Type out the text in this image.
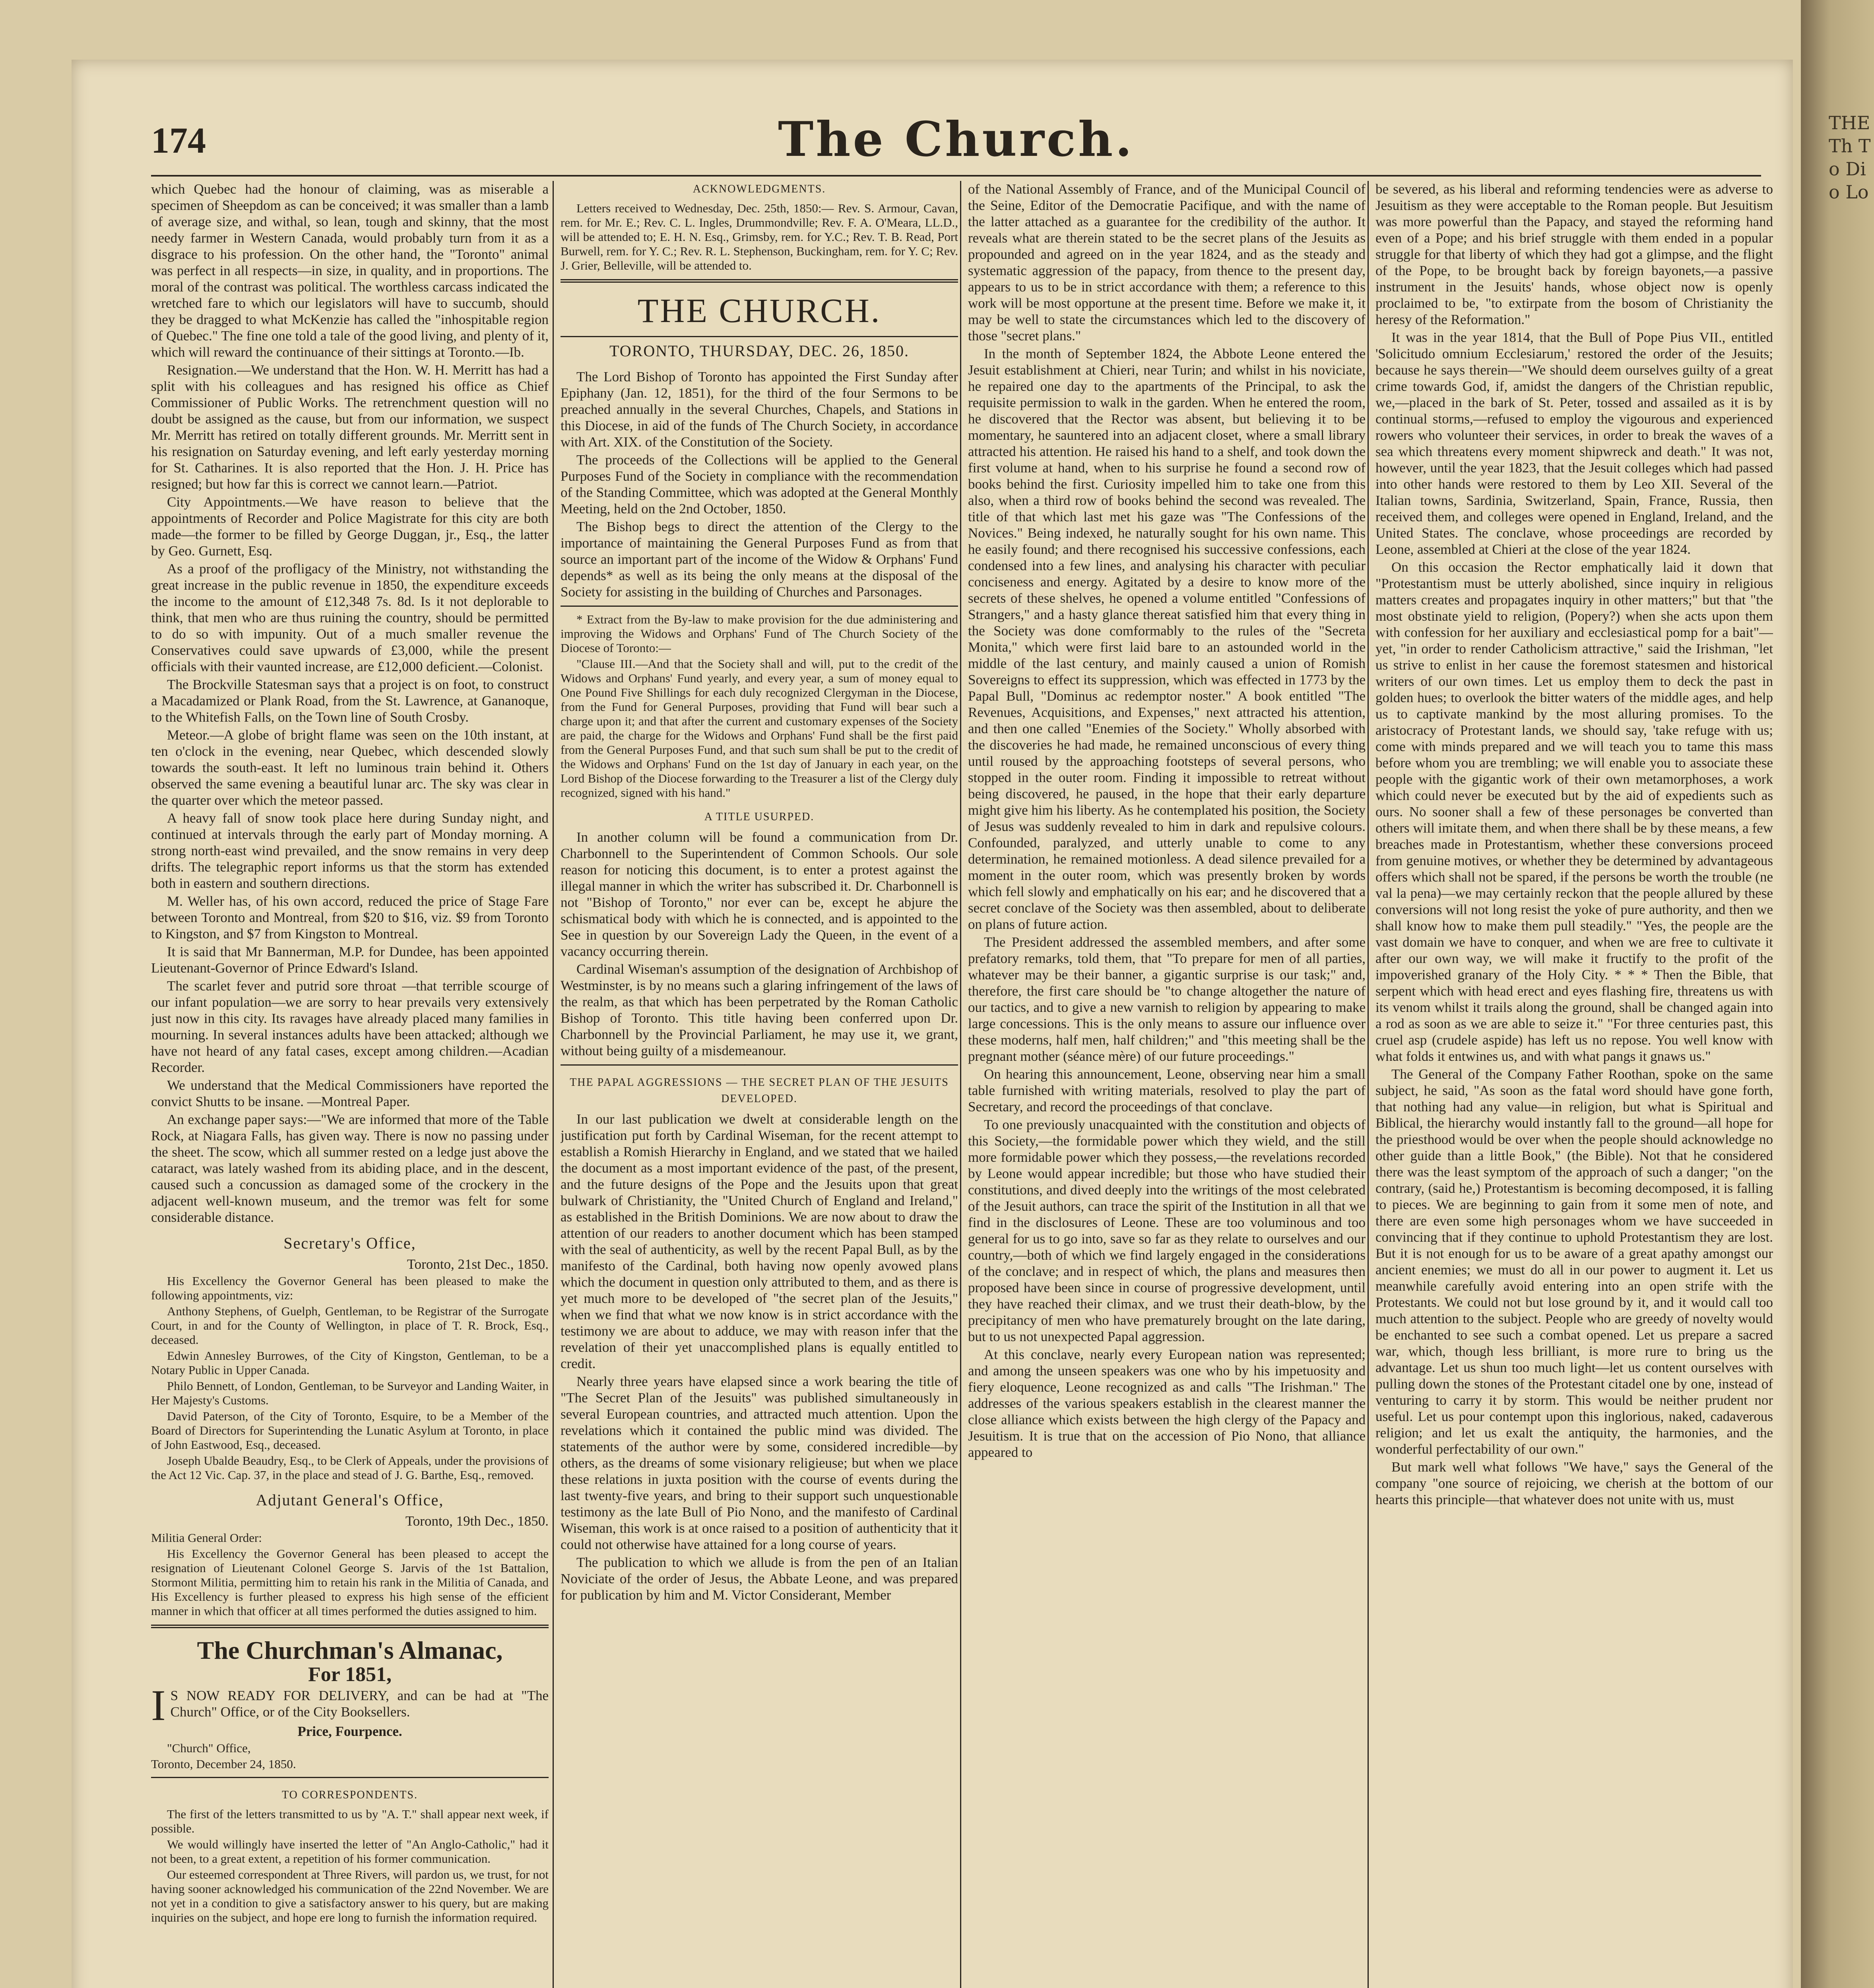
THE Th To Dio Lo
174	The Church.

which Quebec had the honour of claiming, was as miserable a specimen of Sheepdom as can be conceived; it was smaller than a lamb of average size, and withal, so lean, tough and skinny, that the most needy farmer in Western Canada, would probably turn from it as a disgrace to his profession. On the other hand, the "Toronto" animal was perfect in all respects—in size, in quality, and in proportions. The moral of the contrast was political. The worthless carcass indicated the wretched fare to which our legislators will have to succumb, should they be dragged to what McKenzie has called the "inhospitable region of Quebec." The fine one told a tale of the good living, and plenty of it, which will reward the continuance of their sittings at Toronto.—Ib.

Resignation.—We understand that the Hon. W. H. Merritt has had a split with his colleagues and has resigned his office as Chief Commissioner of Public Works. The retrenchment question will no doubt be assigned as the cause, but from our information, we suspect Mr. Merritt has retired on totally different grounds. Mr. Merritt sent in his resignation on Saturday evening, and left early yesterday morning for St. Catharines. It is also reported that the Hon. J. H. Price has resigned; but how far this is correct we cannot learn.—Patriot.

City Appointments.—We have reason to believe that the appointments of Recorder and Police Magistrate for this city are both made—the former to be filled by George Duggan, jr., Esq., the latter by Geo. Gurnett, Esq.

As a proof of the profligacy of the Ministry, not withstanding the great increase in the public revenue in 1850, the expenditure exceeds the income to the amount of £12,348 7s. 8d. Is it not deplorable to think, that men who are thus ruining the country, should be permitted to do so with impunity. Out of a much smaller revenue the Conservatives could save upwards of £3,000, while the present officials with their vaunted increase, are £12,000 deficient.—Colonist.

The Brockville Statesman says that a project is on foot, to construct a Macadamized or Plank Road, from the St. Lawrence, at Gananoque, to the Whitefish Falls, on the Town line of South Crosby.

Meteor.—A globe of bright flame was seen on the 10th instant, at ten o'clock in the evening, near Quebec, which descended slowly towards the south-east. It left no luminous train behind it. Others observed the same evening a beautiful lunar arc. The sky was clear in the quarter over which the meteor passed.

A heavy fall of snow took place here during Sunday night, and continued at intervals through the early part of Monday morning. A strong north-east wind prevailed, and the snow remains in very deep drifts. The telegraphic report informs us that the storm has extended both in eastern and southern directions.

M. Weller has, of his own accord, reduced the price of Stage Fare between Toronto and Montreal, from $20 to $16, viz. $9 from Toronto to Kingston, and $7 from Kingston to Montreal.

It is said that Mr Bannerman, M.P. for Dundee, has been appointed Lieutenant-Governor of Prince Edward's Island.

The scarlet fever and putrid sore throat —that terrible scourge of our infant population—we are sorry to hear prevails very extensively just now in this city. Its ravages have already placed many families in mourning. In several instances adults have been attacked; although we have not heard of any fatal cases, except among children.—Acadian Recorder.

We understand that the Medical Commissioners have reported the convict Shutts to be insane. —Montreal Paper.

An exchange paper says:—"We are informed that more of the Table Rock, at Niagara Falls, has given way. There is now no passing under the sheet. The scow, which all summer rested on a ledge just above the cataract, was lately washed from its abiding place, and in the descent, caused such a concussion as damaged some of the crockery in the adjacent well-known museum, and the tremor was felt for some considerable distance.

Secretary's Office,

Toronto, 21st Dec., 1850.

His Excellency the Governor General has been pleased to make the following appointments, viz:

Anthony Stephens, of Guelph, Gentleman, to be Registrar of the Surrogate Court, in and for the County of Wellington, in place of T. R. Brock, Esq., deceased.

Edwin Annesley Burrowes, of the City of Kingston, Gentleman, to be a Notary Public in Upper Canada.

Philo Bennett, of London, Gentleman, to be Surveyor and Landing Waiter, in Her Majesty's Customs.

David Paterson, of the City of Toronto, Esquire, to be a Member of the Board of Directors for Superintending the Lunatic Asylum at Toronto, in place of John Eastwood, Esq., deceased.

Joseph Ubalde Beaudry, Esq., to be Clerk of Appeals, under the provisions of the Act 12 Vic. Cap. 37, in the place and stead of J. G. Barthe, Esq., removed.

Adjutant General's Office,

Toronto, 19th Dec., 1850.

Militia General Order:

His Excellency the Governor General has been pleased to accept the resignation of Lieutenant Colonel George S. Jarvis of the 1st Battalion, Stormont Militia, permitting him to retain his rank in the Militia of Canada, and His Excellency is further pleased to express his high sense of the efficient manner in which that officer at all times performed the duties assigned to him.

The Churchman's Almanac,
For 1851,

I S NOW READY FOR DELIVERY, and can be had at "The Church" Office, or of the City Booksellers.

Price, Fourpence.

"Church" Office,

Toronto, December 24, 1850.

TO CORRESPONDENTS.

The first of the letters transmitted to us by "A. T." shall appear next week, if possible.

We would willingly have inserted the letter of "An Anglo-Catholic," had it not been, to a great extent, a repetition of his former communication.

Our esteemed correspondent at Three Rivers, will pardon us, we trust, for not having sooner acknowledged his communication of the 22nd November. We are not yet in a condition to give a satisfactory answer to his query, but are making inquiries on the subject, and hope ere long to furnish the information required.

ACKNOWLEDGMENTS.

Letters received to Wednesday, Dec. 25th, 1850:— Rev. S. Armour, Cavan, rem. for Mr. E.; Rev. C. L. Ingles, Drummondville; Rev. F. A. O'Meara, LL.D., will be attended to; E. H. N. Esq., Grimsby, rem. for Y.C.; Rev. T. B. Read, Port Burwell, rem. for Y. C.; Rev. R. L. Stephenson, Buckingham, rem. for Y. C; Rev. J. Grier, Belleville, will be attended to.

THE CHURCH.
TORONTO, THURSDAY, DEC. 26, 1850.

The Lord Bishop of Toronto has appointed the First Sunday after Epiphany (Jan. 12, 1851), for the third of the four Sermons to be preached annually in the several Churches, Chapels, and Stations in this Diocese, in aid of the funds of The Church Society, in accordance with Art. XIX. of the Constitution of the Society.

The proceeds of the Collections will be applied to the General Purposes Fund of the Society in compliance with the recommendation of the Standing Committee, which was adopted at the General Monthly Meeting, held on the 2nd October, 1850.

The Bishop begs to direct the attention of the Clergy to the importance of maintaining the General Purposes Fund as from that source an important part of the income of the Widow & Orphans' Fund depends* as well as its being the only means at the disposal of the Society for assisting in the building of Churches and Parsonages.

* Extract from the By-law to make provision for the due administering and improving the Widows and Orphans' Fund of The Church Society of the Diocese of Toronto:—

"Clause III.—And that the Society shall and will, put to the credit of the Widows and Orphans' Fund yearly, and every year, a sum of money equal to One Pound Five Shillings for each duly recognized Clergyman in the Diocese, from the Fund for General Purposes, providing that Fund will bear such a charge upon it; and that after the current and customary expenses of the Society are paid, the charge for the Widows and Orphans' Fund shall be the first paid from the General Purposes Fund, and that such sum shall be put to the credit of the Widows and Orphans' Fund on the 1st day of January in each year, on the Lord Bishop of the Diocese forwarding to the Treasurer a list of the Clergy duly recognized, signed with his hand."

A TITLE USURPED.

In another column will be found a communication from Dr. Charbonnell to the Superintendent of Common Schools. Our sole reason for noticing this document, is to enter a protest against the illegal manner in which the writer has subscribed it. Dr. Charbonnell is not "Bishop of Toronto," nor ever can be, except he abjure the schismatical body with which he is connected, and is appointed to the See in question by our Sovereign Lady the Queen, in the event of a vacancy occurring therein.

Cardinal Wiseman's assumption of the designation of Archbishop of Westminster, is by no means such a glaring infringement of the laws of the realm, as that which has been perpetrated by the Roman Catholic Bishop of Toronto. This title having been conferred upon Dr. Charbonnell by the Provincial Parliament, he may use it, we grant, without being guilty of a misdemeanour.

THE PAPAL AGGRESSIONS — THE SECRET PLAN OF THE JESUITS DEVELOPED.

In our last publication we dwelt at considerable length on the justification put forth by Cardinal Wiseman, for the recent attempt to establish a Romish Hierarchy in England, and we stated that we hailed the document as a most important evidence of the past, of the present, and the future designs of the Pope and the Jesuits upon that great bulwark of Christianity, the "United Church of England and Ireland," as established in the British Dominions. We are now about to draw the attention of our readers to another document which has been stamped with the seal of authenticity, as well by the recent Papal Bull, as by the manifesto of the Cardinal, both having now openly avowed plans which the document in question only attributed to them, and as there is yet much more to be developed of "the secret plan of the Jesuits," when we find that what we now know is in strict accordance with the testimony we are about to adduce, we may with reason infer that the revelation of their yet unaccomplished plans is equally entitled to credit.

Nearly three years have elapsed since a work bearing the title of "The Secret Plan of the Jesuits" was published simultaneously in several European countries, and attracted much attention. Upon the revelations which it contained the public mind was divided. The statements of the author were by some, considered incredible—by others, as the dreams of some visionary religieuse; but when we place these relations in juxta position with the course of events during the last twenty-five years, and bring to their support such unquestionable testimony as the late Bull of Pio Nono, and the manifesto of Cardinal Wiseman, this work is at once raised to a position of authenticity that it could not otherwise have attained for a long course of years.

The publication to which we allude is from the pen of an Italian Noviciate of the order of Jesus, the Abbate Leone, and was prepared for publication by him and M. Victor Considerant, Member

of the National Assembly of France, and of the Municipal Council of the Seine, Editor of the Democratie Pacifique, and with the name of the latter attached as a guarantee for the credibility of the author. It reveals what are therein stated to be the secret plans of the Jesuits as propounded and agreed on in the year 1824, and as the steady and systematic aggression of the papacy, from thence to the present day, appears to us to be in strict accordance with them; a reference to this work will be most opportune at the present time. Before we make it, it may be well to state the circumstances which led to the discovery of those "secret plans."

In the month of September 1824, the Abbote Leone entered the Jesuit establishment at Chieri, near Turin; and whilst in his noviciate, he repaired one day to the apartments of the Principal, to ask the requisite permission to walk in the garden. When he entered the room, he discovered that the Rector was absent, but believing it to be momentary, he sauntered into an adjacent closet, where a small library attracted his attention. He raised his hand to a shelf, and took down the first volume at hand, when to his surprise he found a second row of books behind the first. Curiosity impelled him to take one from this also, when a third row of books behind the second was revealed. The title of that which last met his gaze was "The Confessions of the Novices." Being indexed, he naturally sought for his own name. This he easily found; and there recognised his successive confessions, each condensed into a few lines, and analysing his character with peculiar conciseness and energy. Agitated by a desire to know more of the secrets of these shelves, he opened a volume entitled "Confessions of Strangers," and a hasty glance thereat satisfied him that every thing in the Society was done comformably to the rules of the "Secreta Monita," which were first laid bare to an astounded world in the middle of the last century, and mainly caused a union of Romish Sovereigns to effect its suppression, which was effected in 1773 by the Papal Bull, "Dominus ac redemptor noster." A book entitled "The Revenues, Acquisitions, and Expenses," next attracted his attention, and then one called "Enemies of the Society." Wholly absorbed with the discoveries he had made, he remained unconscious of every thing until roused by the approaching footsteps of several persons, who stopped in the outer room. Finding it impossible to retreat without being discovered, he paused, in the hope that their early departure might give him his liberty. As he contemplated his position, the Society of Jesus was suddenly revealed to him in dark and repulsive colours. Confounded, paralyzed, and utterly unable to come to any determination, he remained motionless. A dead silence prevailed for a moment in the outer room, which was presently broken by words which fell slowly and emphatically on his ear; and he discovered that a secret conclave of the Society was then assembled, about to deliberate on plans of future action.

The President addressed the assembled members, and after some prefatory remarks, told them, that "To prepare for men of all parties, whatever may be their banner, a gigantic surprise is our task;" and, therefore, the first care should be "to change altogether the nature of our tactics, and to give a new varnish to religion by appearing to make large concessions. This is the only means to assure our influence over these moderns, half men, half children;" and "this meeting shall be the pregnant mother (séance mère) of our future proceedings."

On hearing this announcement, Leone, observing near him a small table furnished with writing materials, resolved to play the part of Secretary, and record the proceedings of that conclave.

To one previously unacquainted with the constitution and objects of this Society,—the formidable power which they wield, and the still more formidable power which they possess,—the revelations recorded by Leone would appear incredible; but those who have studied their constitutions, and dived deeply into the writings of the most celebrated of the Jesuit authors, can trace the spirit of the Institution in all that we find in the disclosures of Leone. These are too voluminous and too general for us to go into, save so far as they relate to ourselves and our country,—both of which we find largely engaged in the considerations of the conclave; and in respect of which, the plans and measures then proposed have been since in course of progressive development, until they have reached their climax, and we trust their death-blow, by the precipitancy of men who have prematurely brought on the late daring, but to us not unexpected Papal aggression.

At this conclave, nearly every European nation was represented; and among the unseen speakers was one who by his impetuosity and fiery eloquence, Leone recognized as and calls "The Irishman." The addresses of the various speakers establish in the clearest manner the close alliance which exists between the high clergy of the Papacy and Jesuitism. It is true that on the accession of Pio Nono, that alliance appeared to

be severed, as his liberal and reforming tendencies were as adverse to Jesuitism as they were acceptable to the Roman people. But Jesuitism was more powerful than the Papacy, and stayed the reforming hand even of a Pope; and his brief struggle with them ended in a popular struggle for that liberty of which they had got a glimpse, and the flight of the Pope, to be brought back by foreign bayonets,—a passive instrument in the Jesuits' hands, whose object now is openly proclaimed to be, "to extirpate from the bosom of Christianity the heresy of the Reformation."

It was in the year 1814, that the Bull of Pope Pius VII., entitled 'Solicitudo omnium Ecclesiarum,' restored the order of the Jesuits; because he says therein—"We should deem ourselves guilty of a great crime towards God, if, amidst the dangers of the Christian republic, we,—placed in the bark of St. Peter, tossed and assailed as it is by continual storms,—refused to employ the vigourous and experienced rowers who volunteer their services, in order to break the waves of a sea which threatens every moment shipwreck and death." It was not, however, until the year 1823, that the Jesuit colleges which had passed into other hands were restored to them by Leo XII. Several of the Italian towns, Sardinia, Switzerland, Spain, France, Russia, then received them, and colleges were opened in England, Ireland, and the United States. The conclave, whose proceedings are recorded by Leone, assembled at Chieri at the close of the year 1824.

On this occasion the Rector emphatically laid it down that "Protestantism must be utterly abolished, since inquiry in religious matters creates and propagates inquiry in other matters;" but that "the most obstinate yield to religion, (Popery?) when she acts upon them with confession for her auxiliary and ecclesiastical pomp for a bait"—yet, "in order to render Catholicism attractive," said the Irishman, "let us strive to enlist in her cause the foremost statesmen and historical writers of our own times. Let us employ them to deck the past in golden hues; to overlook the bitter waters of the middle ages, and help us to captivate mankind by the most alluring promises. To the aristocracy of Protestant lands, we should say, 'take refuge with us; come with minds prepared and we will teach you to tame this mass before whom you are trembling; we will enable you to associate these people with the gigantic work of their own metamorphoses, a work which could never be executed but by the aid of expedients such as ours. No sooner shall a few of these personages be converted than others will imitate them, and when there shall be by these means, a few breaches made in Protestantism, whether these conversions proceed from genuine motives, or whether they be determined by advantageous offers which shall not be spared, if the persons be worth the trouble (ne val la pena)—we may certainly reckon that the people allured by these conversions will not long resist the yoke of pure authority, and then we shall know how to make them pull steadily." "Yes, the people are the vast domain we have to conquer, and when we are free to cultivate it after our own way, we will make it fructify to the profit of the impoverished granary of the Holy City. * * * Then the Bible, that serpent which with head erect and eyes flashing fire, threatens us with its venom whilst it trails along the ground, shall be changed again into a rod as soon as we are able to seize it." "For three centuries past, this cruel asp (crudele aspide) has left us no repose. You well know with what folds it entwines us, and with what pangs it gnaws us."

The General of the Company Father Roothan, spoke on the same subject, he said, "As soon as the fatal word should have gone forth, that nothing had any value—in religion, but what is Spiritual and Biblical, the hierarchy would instantly fall to the ground—all hope for the priesthood would be over when the people should acknowledge no other guide than a little Book," (the Bible). Not that he considered there was the least symptom of the approach of such a danger; "on the contrary, (said he,) Protestantism is becoming decomposed, it is falling to pieces. We are beginning to gain from it some men of note, and there are even some high personages whom we have succeeded in convincing that if they continue to uphold Protestantism they are lost. But it is not enough for us to be aware of a great apathy amongst our ancient enemies; we must do all in our power to augment it. Let us meanwhile carefully avoid entering into an open strife with the Protestants. We could not but lose ground by it, and it would call too much attention to the subject. People who are greedy of novelty would be enchanted to see such a combat opened. Let us prepare a sacred war, which, though less brilliant, is more rure to bring us the advantage. Let us shun too much light—let us content ourselves with pulling down the stones of the Protestant citadel one by one, instead of venturing to carry it by storm. This would be neither prudent nor useful. Let us pour contempt upon this inglorious, naked, cadaverous religion; and let us exalt the antiquity, the harmonies, and the wonderful perfectability of our own."

But mark well what follows "We have," says the General of the company "one source of rejoicing, we cherish at the bottom of our hearts this principle—that whatever does not unite with us, must
